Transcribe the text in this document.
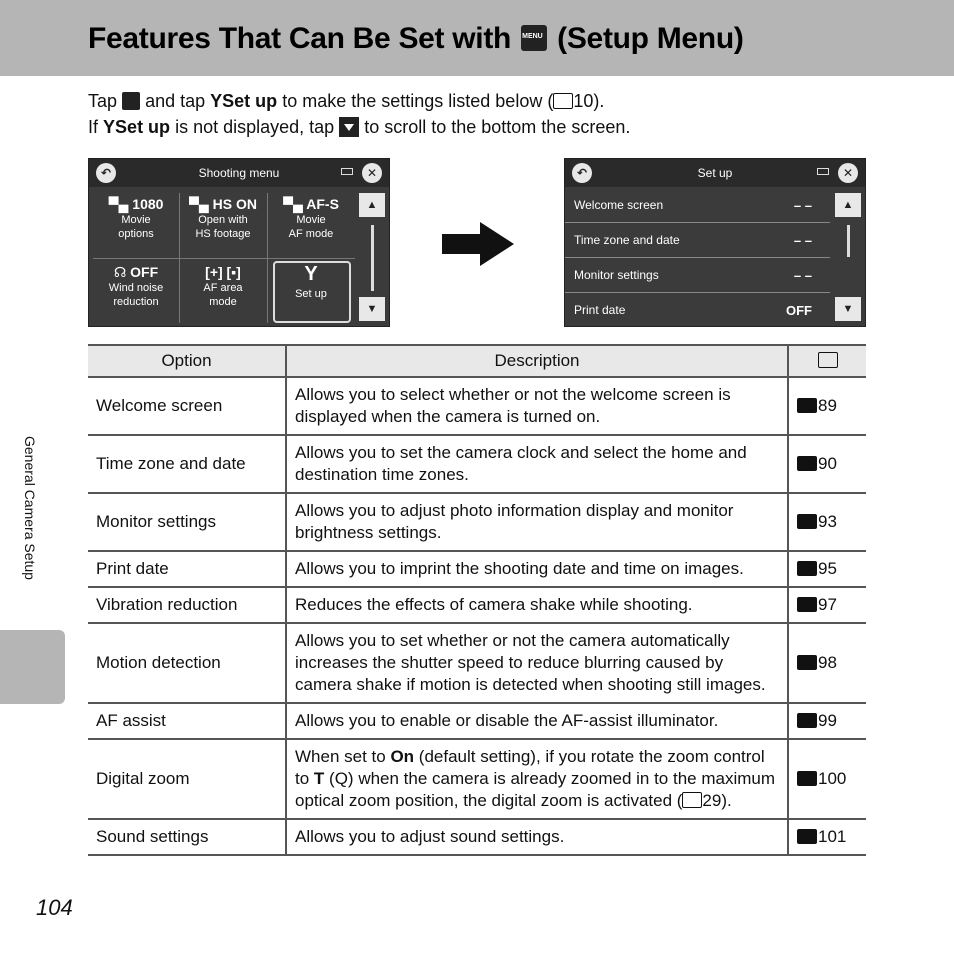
Features That Can Be Set with MENU (Setup Menu)
Tap and tap YSet up to make the settings listed below ( 10).
If YSet up is not displayed, tap to scroll to the bottom the screen.
↶	Shooting menu	✕
▀▄ 1080
Movie
options
▀▄ HS ON
Open with
HS footage
▀▄ AF-S
Movie
AF mode
☊ OFF
Wind noise
reduction
[+] [▪]
AF area
mode
Y
Set up
▲
▼
↶	Set up	✕
Welcome screen	– –
Time zone and date	– –
Monitor settings	– –
Print date	OFF
▲
▼
Option	Description	
Welcome screen	Allows you to select whether or not the welcome screen is displayed when the camera is turned on.	89
Time zone and date	Allows you to set the camera clock and select the home and destination time zones.	90
Monitor settings	Allows you to adjust photo information display and monitor brightness settings.	93
Print date	Allows you to imprint the shooting date and time on images.	95
Vibration reduction	Reduces the effects of camera shake while shooting.	97
Motion detection	Allows you to set whether or not the camera automatically increases the shutter speed to reduce blurring caused by camera shake if motion is detected when shooting still images.	98
AF assist	Allows you to enable or disable the AF-assist illuminator.	99
Digital zoom	When set to On (default setting), if you rotate the zoom control to T (Q) when the camera is already zoomed in to the maximum optical zoom position, the digital zoom is activated ( 29).	100
Sound settings	Allows you to adjust sound settings.	101
General Camera Setup
104
